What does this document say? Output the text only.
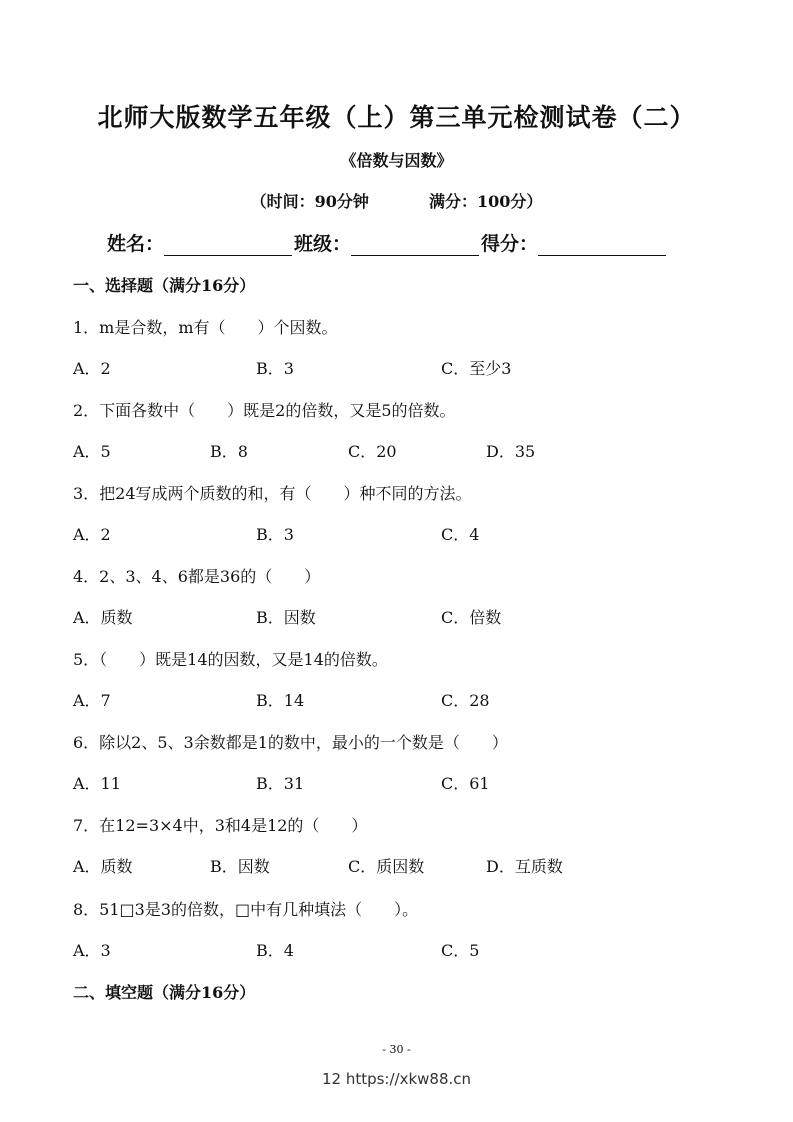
北师大版数学五年级（上）第三单元检测试卷（二）
《倍数与因数》
（时间：90分钟	满分：100分）
姓名：	班级：	得分：
一、选择题（满分16分）
1．m是合数，m有（　　）个因数。
A．2	B．3	C．至少3
2．下面各数中（　　）既是2的倍数，又是5的倍数。
A．5	B．8	C．20	D．35
3．把24写成两个质数的和，有（　　）种不同的方法。
A．2	B．3	C．4
4．2、3、4、6都是36的（　　）
A．质数	B．因数	C．倍数
5．（　　）既是14的因数，又是14的倍数。
A．7	B．14	C．28
6．除以2、5、3余数都是1的数中，最小的一个数是（　　）
A．11	B．31	C．61
7．在12=3×4中，3和4是12的（　　）
A．质数	B．因数	C．质因数	D．互质数
8．51□3是3的倍数，□中有几种填法（　　）。
A．3	B．4	C．5
二、填空题（满分16分）
- 30 -
12 https://xkw88.cn
